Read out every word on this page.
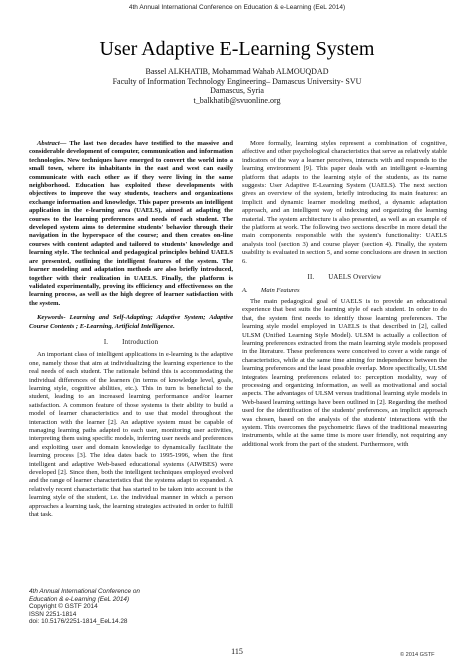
4th Annual International Conference on Education & e-Learning (EeL 2014)
User Adaptive E-Learning System
Bassel ALKHATIB, Mohammad Wahab ALMOUQDAD
Faculty of Information Technology Engineering– Damascus University- SVU
Damascus, Syria
t_balkhatib@svuonline.org

Abstract— The last two decades have testified to the massive and considerable development of computer, communication and information technologies. New techniques have emerged to convert the world into a small town, where its inhabitants in the east and west can easily communicate with each other as if they were living in the same neighborhood. Education has exploited these developments with objectives to improve the way students, teachers and organizations exchange information and knowledge. This paper presents an intelligent application in the e-learning area (UAELS), aimed at adapting the courses to the learning preferences and needs of each student. The developed system aims to determine students' behavior through their navigation in the hyperspace of the course; and then creates on-line courses with content adapted and tailored to students' knowledge and learning style. The technical and pedagogical principles behind UAELS are presented, outlining the intelligent features of the system. The learner modeling and adaptation methods are also briefly introduced, together with their realization in UAELS. Finally, the platform is validated experimentally, proving its efficiency and effectiveness on the learning process, as well as the high degree of learner satisfaction with the system.

Keywords- Learning and Self-Adapting; Adaptive System; Adaptive Course Contents ; E-Learning, Artificial Intelligence.

I.  Introduction

An important class of intelligent applications in e-learning is the adaptive one, namely those that aim at individualizing the learning experience to the real needs of each student. The rationale behind this is accommodating the individual differences of the learners (in terms of knowledge level, goals, learning style, cognitive abilities, etc.). This in turn is beneficial to the student, leading to an increased learning performance and/or learner satisfaction. A common feature of those systems is their ability to build a model of learner characteristics and to use that model throughout the interaction with the learner [2]. An adaptive system must be capable of managing learning paths adapted to each user, monitoring user activities, interpreting them using specific models, inferring user needs and preferences and exploiting user and domain knowledge to dynamically facilitate the learning process [3]. The idea dates back to 1995-1996, when the first intelligent and adaptive Web-based educational systems (AIWBES) were developed [2]. Since then, both the intelligent techniques employed evolved and the range of learner characteristics that the systems adapt to expanded. A relatively recent characteristic that has started to be taken into account is the learning style of the student, i.e. the individual manner in which a person approaches a learning task, the learning strategies activated in order to fulfill that task.

More formally, learning styles represent a combination of cognitive, affective and other psychological characteristics that serve as relatively stable indicators of the way a learner perceives, interacts with and responds to the learning environment [9]. This paper deals with an intelligent e-learning platform that adapts to the learning style of the students, as its name suggests: User Adaptive E-Learning System (UAELS). The next section gives an overview of the system, briefly introducing its main features: an implicit and dynamic learner modeling method, a dynamic adaptation approach, and an intelligent way of indexing and organizing the learning material. The system architecture is also presented, as well as an example of the platform at work. The following two sections describe in more detail the main components responsible with the system's functionality: UAELS analysis tool (section 3) and course player (section 4). Finally, the system usability is evaluated in section 5, and some conclusions are drawn in section 6.

II.  UAELS Overview
A.  Main Features

The main pedagogical goal of UAELS is to provide an educational experience that best suits the learning style of each student. In order to do that, the system first needs to identify those learning preferences. The learning style model employed in UAELS is that described in [2], called ULSM (Unified Learning Style Model). ULSM is actually a collection of learning preferences extracted from the main learning style models proposed in the literature. These preferences were conceived to cover a wide range of characteristics, while at the same time aiming for independence between the learning preferences and the least possible overlap. More specifically, ULSM integrates learning preferences related to: perception modality, way of processing and organizing information, as well as motivational and social aspects. The advantages of ULSM versus traditional learning style models in Web-based learning settings have been outlined in [2]. Regarding the method used for the identification of the students' preferences, an implicit approach was chosen, based on the analysis of the students' interactions with the system. This overcomes the psychometric flaws of the traditional measuring instruments, while at the same time is more user friendly, not requiring any additional work from the part of the student. Furthermore, with

4th Annual International Conference on
Education & e-Learning (EeL 2014)
Copyright © GSTF 2014
ISSN 2251-1814
doi: 10.5176/2251-1814_EeL14.28
115	© 2014 GSTF
